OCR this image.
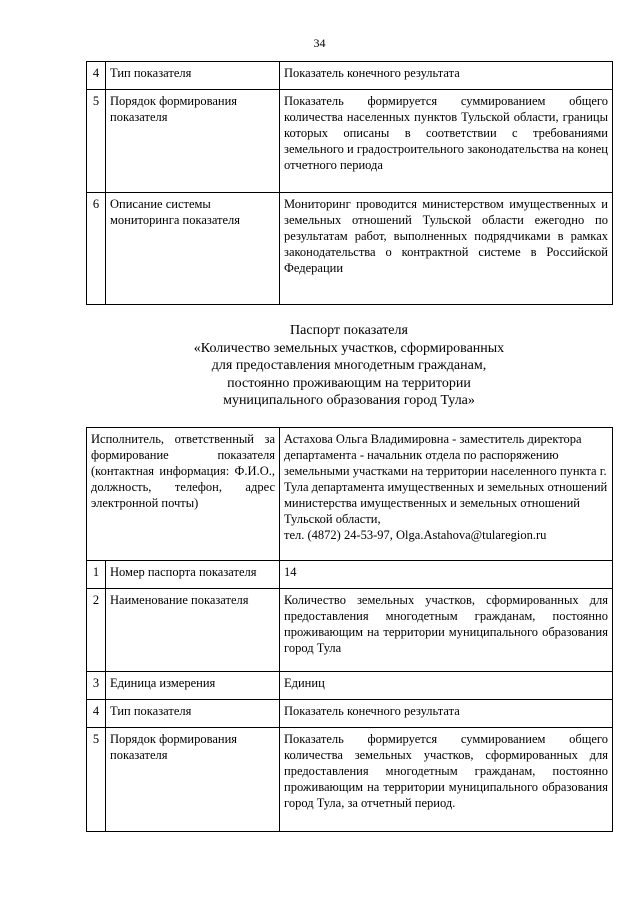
34
4	Тип показателя	Показатель конечного результата
5	Порядок формирования показателя	Показатель формируется суммированием общего количества населенных пунктов Тульской области, границы которых описаны в соответствии с требованиями земельного и градостроительного законодательства на конец отчетного периода
6	Описание системы мониторинга показателя	Мониторинг проводится министерством имущественных и земельных отношений Тульской области ежегодно по результатам работ, выполненных подрядчиками в рамках законодательства о контрактной системе в Российской Федерации
Паспорт показателя
«Количество земельных участков, сформированных
для предоставления многодетным гражданам,
постоянно проживающим на территории
муниципального образования город Тула»
Исполнитель, ответственный за формирование показателя (контактная информация: Ф.И.О., должность, телефон, адрес электронной почты)		Астахова Ольга Владимировна - заместитель директора департамента - начальник отдела по распоряжению земельными участками на территории населенного пункта г. Тула департамента имущественных и земельных отношений министерства имущественных и земельных отношений Тульской области,
тел. (4872) 24-53-97, Olga.Astahova@tularegion.ru

1	Номер паспорта показателя	14
2	Наименование показателя	Количество земельных участков, сформированных для предоставления многодетным гражданам, постоянно проживающим на территории муниципального образования город Тула
3	Единица измерения	Единиц
4	Тип показателя	Показатель конечного результата
5	Порядок формирования показателя	Показатель формируется суммированием общего количества земельных участков, сформированных для предоставления многодетным гражданам, постоянно проживающим на территории муниципального образования город Тула, за отчетный период.
